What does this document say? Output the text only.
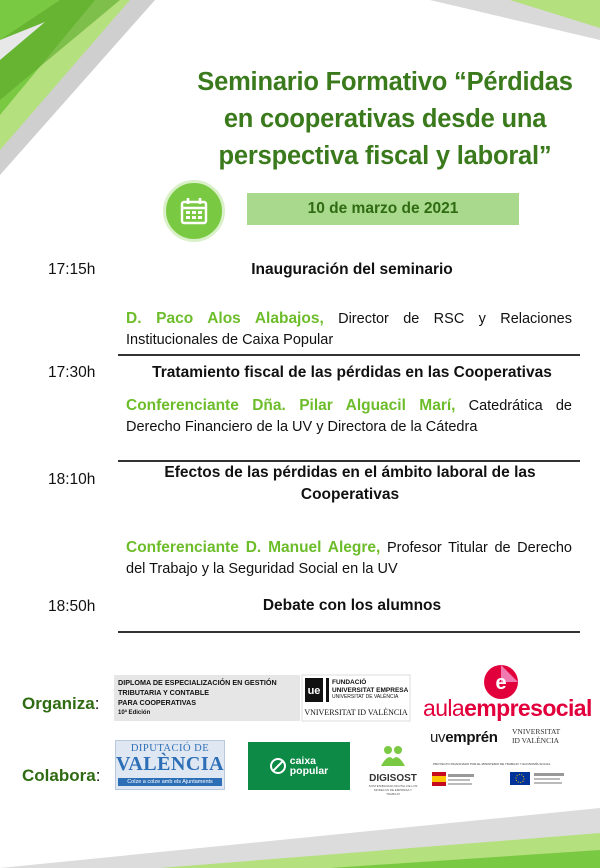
Seminario Formativo “Pérdidas
en cooperativas desde una
perspectiva fiscal y laboral”
10 de marzo de 2021
17:15h	Inauguración del seminario
D. Paco Alos Alabajos, Director de RSC y Relaciones Institucionales de Caixa Popular
17:30h	Tratamiento fiscal de las pérdidas en las Cooperativas
Conferenciante Dña. Pilar Alguacil Marí, Catedrática de Derecho Financiero de la UV y Directora de la Cátedra
18:10h	Efectos de las pérdidas en el ámbito laboral de las Cooperativas
Conferenciante D. Manuel Alegre, Profesor Titular de Derecho del Trabajo y la Seguridad Social en la UV
18:50h	Debate con los alumnos
Organiza:
DIPLOMA DE ESPECIALIZACIÓN EN GESTIÓN
TRIBUTARIA Y CONTABLE
PARA COOPERATIVAS
10ª Edición
ue
FUNDACIÓ
UNIVERSITAT EMPRESA
UNIVERSITAT DE VALÈNCIA
VNIVERSITAT ID VALÈNCIA
e
aulaempresocial
uvemprén VNIVERSITAT
ID VALÈNCIA
Colabora:
DIPUTACIÓ DE
VALÈNCIA
Colze a colze amb els Ajuntaments
caixa
popular
DIGISOST
SOSTENIBILIDAD DIGITAL DE LOS MODELOS DE EMPRESA Y TRABAJO
PROYECTO FINANCIADO POR EL MINISTERIO DE TRABAJO Y ECONOMÍA SOCIAL
